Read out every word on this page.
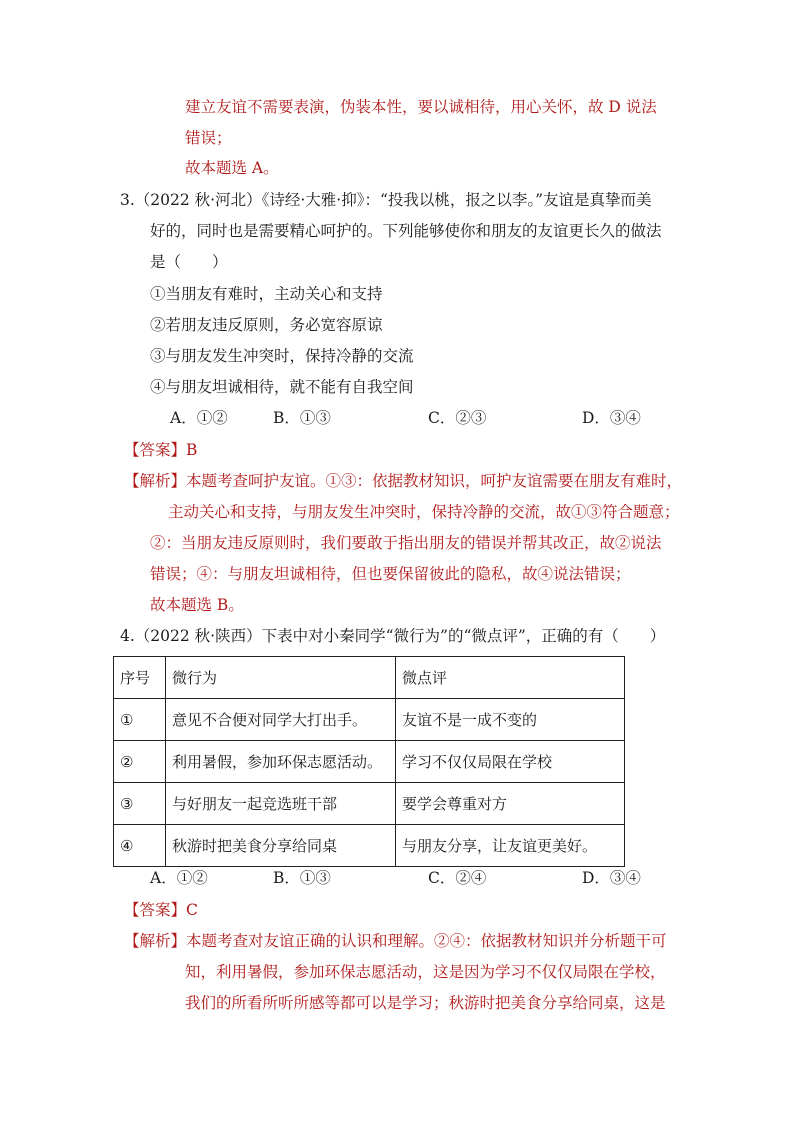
建立友谊不需要表演，伪装本性，要以诚相待，用心关怀，故 D 说法
错误；
故本题选 A。
3.（2022 秋·河北）《诗经·大雅·抑》：“投我以桃，报之以李。”友谊是真挚而美
好的，同时也是需要精心呵护的。下列能够使你和朋友的友谊更长久的做法
是（　　）
①当朋友有难时，主动关心和支持
②若朋友违反原则，务必宽容原谅
③与朋友发生冲突时，保持冷静的交流
④与朋友坦诚相待，就不能有自我空间
A．①②	B．①③	C．②③	D．③④
【答案】B
【解析】本题考查呵护友谊。①③：依据教材知识，呵护友谊需要在朋友有难时，
主动关心和支持，与朋友发生冲突时，保持冷静的交流，故①③符合题意；
②：当朋友违反原则时，我们要敢于指出朋友的错误并帮其改正，故②说法
错误；④：与朋友坦诚相待，但也要保留彼此的隐私，故④说法错误；
故本题选 B。
4.（2022 秋·陕西）下表中对小秦同学“微行为”的“微点评”，正确的有（　　）
序号	微行为	微点评
①	意见不合便对同学大打出手。	友谊不是一成不变的
②	利用暑假，参加环保志愿活动。	学习不仅仅局限在学校
③	与好朋友一起竞选班干部	要学会尊重对方
④	秋游时把美食分享给同桌	与朋友分享，让友谊更美好。
A．①②	B．①③	C．②④	D．③④
【答案】C
【解析】本题考查对友谊正确的认识和理解。②④：依据教材知识并分析题干可
知，利用暑假，参加环保志愿活动，这是因为学习不仅仅局限在学校，
我们的所看所听所感等都可以是学习；秋游时把美食分享给同桌，这是
